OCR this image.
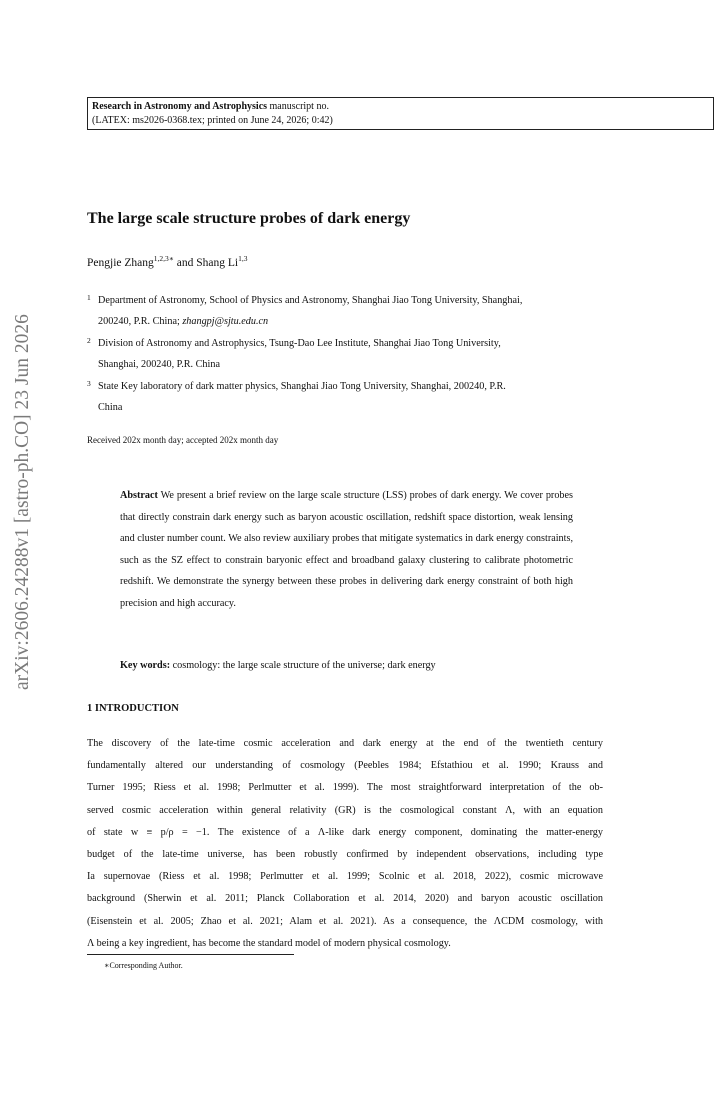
Research in Astronomy and Astrophysics manuscript no.
(LATEX: ms2026-0368.tex; printed on June 24, 2026; 0:42)
arXiv:2606.24288v1 [astro-ph.CO] 23 Jun 2026
The large scale structure probes of dark energy
Pengjie Zhang$^{1,2,3∗}$ and Shang Li$^{1,3}$
1 Department of Astronomy, School of Physics and Astronomy, Shanghai Jiao Tong University, Shanghai,
200240, P.R. China; zhangpj@sjtu.edu.cn
2 Division of Astronomy and Astrophysics, Tsung-Dao Lee Institute, Shanghai Jiao Tong University,
Shanghai, 200240, P.R. China
3 State Key laboratory of dark matter physics, Shanghai Jiao Tong University, Shanghai, 200240, P.R.
China
Received 202x month day; accepted 202x month day
Abstract We present a brief review on the large scale structure (LSS) probes of dark energy. We cover probes that directly constrain dark energy such as baryon acoustic oscillation, redshift space distortion, weak lensing and cluster number count. We also review auxiliary probes that mitigate systematics in dark energy constraints, such as the SZ effect to constrain baryonic effect and broadband galaxy clustering to calibrate photometric redshift. We demonstrate the synergy between these probes in delivering dark energy constraint of both high precision and high accuracy.
Key words: cosmology: the large scale structure of the universe; dark energy
1 INTRODUCTION
The discovery of the late-time cosmic acceleration and dark energy at the end of the twentieth century
fundamentally altered our understanding of cosmology (Peebles 1984; Efstathiou et al. 1990; Krauss and
Turner 1995; Riess et al. 1998; Perlmutter et al. 1999). The most straightforward interpretation of the ob-
served cosmic acceleration within general relativity (GR) is the cosmological constant Λ, with an equation
of state w ≡ p/ρ = −1. The existence of a Λ-like dark energy component, dominating the matter-energy
budget of the late-time universe, has been robustly confirmed by independent observations, including type
Ia supernovae (Riess et al. 1998; Perlmutter et al. 1999; Scolnic et al. 2018, 2022), cosmic microwave
background (Sherwin et al. 2011; Planck Collaboration et al. 2014, 2020) and baryon acoustic oscillation
(Eisenstein et al. 2005; Zhao et al. 2021; Alam et al. 2021). As a consequence, the ΛCDM cosmology, with
Λ being a key ingredient, has become the standard model of modern physical cosmology.
∗Corresponding Author.
